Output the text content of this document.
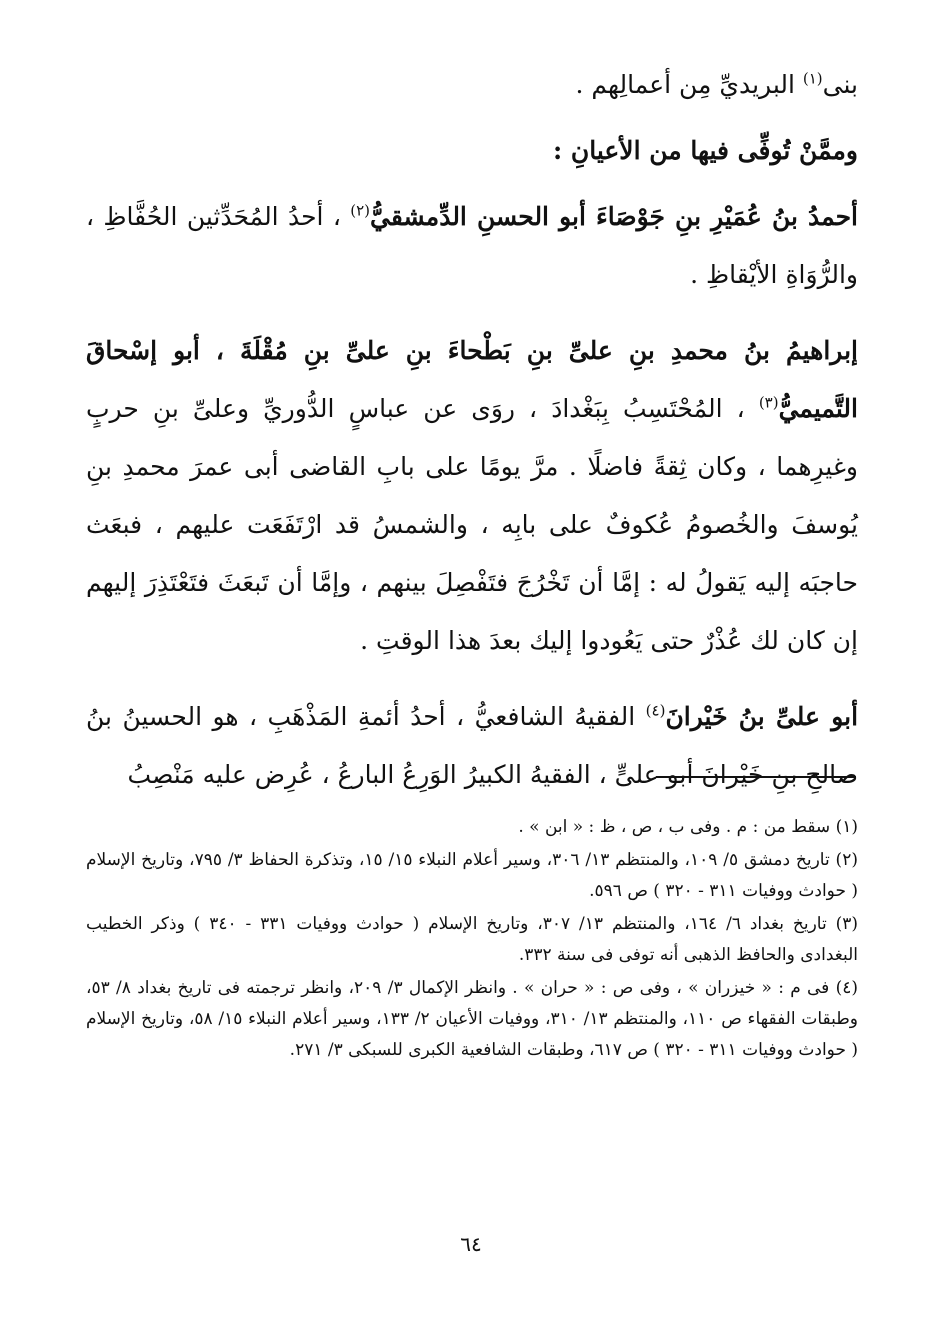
بنى$^{(١)}$ البريديِّ مِن أعمالِهم .

وممَّنْ تُوفِّى فيها من الأعيانِ :

أحمدُ بنُ عُمَيْرِ بنِ جَوْصَاءَ أبو الحسنِ الدِّمشقيُّ$^{(٢)}$ ، أحدُ المُحَدِّثين الحُفَّاظِ ، والرُّوَاةِ الأيْقاظِ .

إبراهيمُ بنُ محمدِ بنِ علىِّ بنِ بَطْحاءَ بنِ علىِّ بنِ مُقْلَةَ ، أبو إسْحاقَ التَّميميُّ$^{(٣)}$ ، المُحْتَسِبُ بِبَغْدادَ ، روَى عن عباسٍ الدُّوريِّ وعلىِّ بنِ حربٍ وغيرِهما ، وكان ثِقةً فاضلًا . مرَّ يومًا على بابِ القاضى أبى عمرَ محمدِ بنِ يُوسفَ والخُصومُ عُكوفٌ على بابِه ، والشمسُ قد ارْتَفَعَت عليهم ، فبعَث حاجبَه إليه يَقولُ له : إمَّا أن تَخْرُجَ فتَفْصِلَ بينهم ، وإمَّا أن تَبعَثَ فتَعْتَذِرَ إليهم إن كان لك عُذْرٌ حتى يَعُودوا إليك بعدَ هذا الوقتِ .

أبو علىِّ بنُ خَيْرانَ$^{(٤)}$ الفقيهُ الشافعيُّ ، أحدُ أئمةِ المَذْهَبِ ، هو الحسينُ بنُ صالحِ بنِ خَيْرانَ أبو علىٍّ ، الفقيهُ الكبيرُ الوَرِعُ البارعُ ، عُرِض عليه مَنْصِبُ

(١) سقط من : م . وفى ب ، ص ، ظ : « ابن » .

(٢) تاريخ دمشق ٥/ ١٠٩، والمنتظم ١٣/ ٣٠٦، وسير أعلام النبلاء ١٥/ ١٥، وتذكرة الحفاظ ٣/ ٧٩٥، وتاريخ الإسلام ( حوادث ووفيات ٣١١ - ٣٢٠ ) ص ٥٩٦.

(٣) تاريخ بغداد ٦/ ١٦٤، والمنتظم ١٣/ ٣٠٧، وتاريخ الإسلام ( حوادث ووفيات ٣٣١ - ٣٤٠ ) وذكر الخطيب البغدادى والحافظ الذهبى أنه توفى فى سنة ٣٣٢.

(٤) فى م : « خيزران » ، وفى ص : « حران » . وانظر الإكمال ٣/ ٢٠٩، وانظر ترجمته فى تاريخ بغداد ٨/ ٥٣، وطبقات الفقهاء ص ١١٠، والمنتظم ١٣/ ٣١٠، ووفيات الأعيان ٢/ ١٣٣، وسير أعلام النبلاء ١٥/ ٥٨، وتاريخ الإسلام ( حوادث ووفيات ٣١١ - ٣٢٠ ) ص ٦١٧، وطبقات الشافعية الكبرى للسبكى ٣/ ٢٧١.

٦٤
